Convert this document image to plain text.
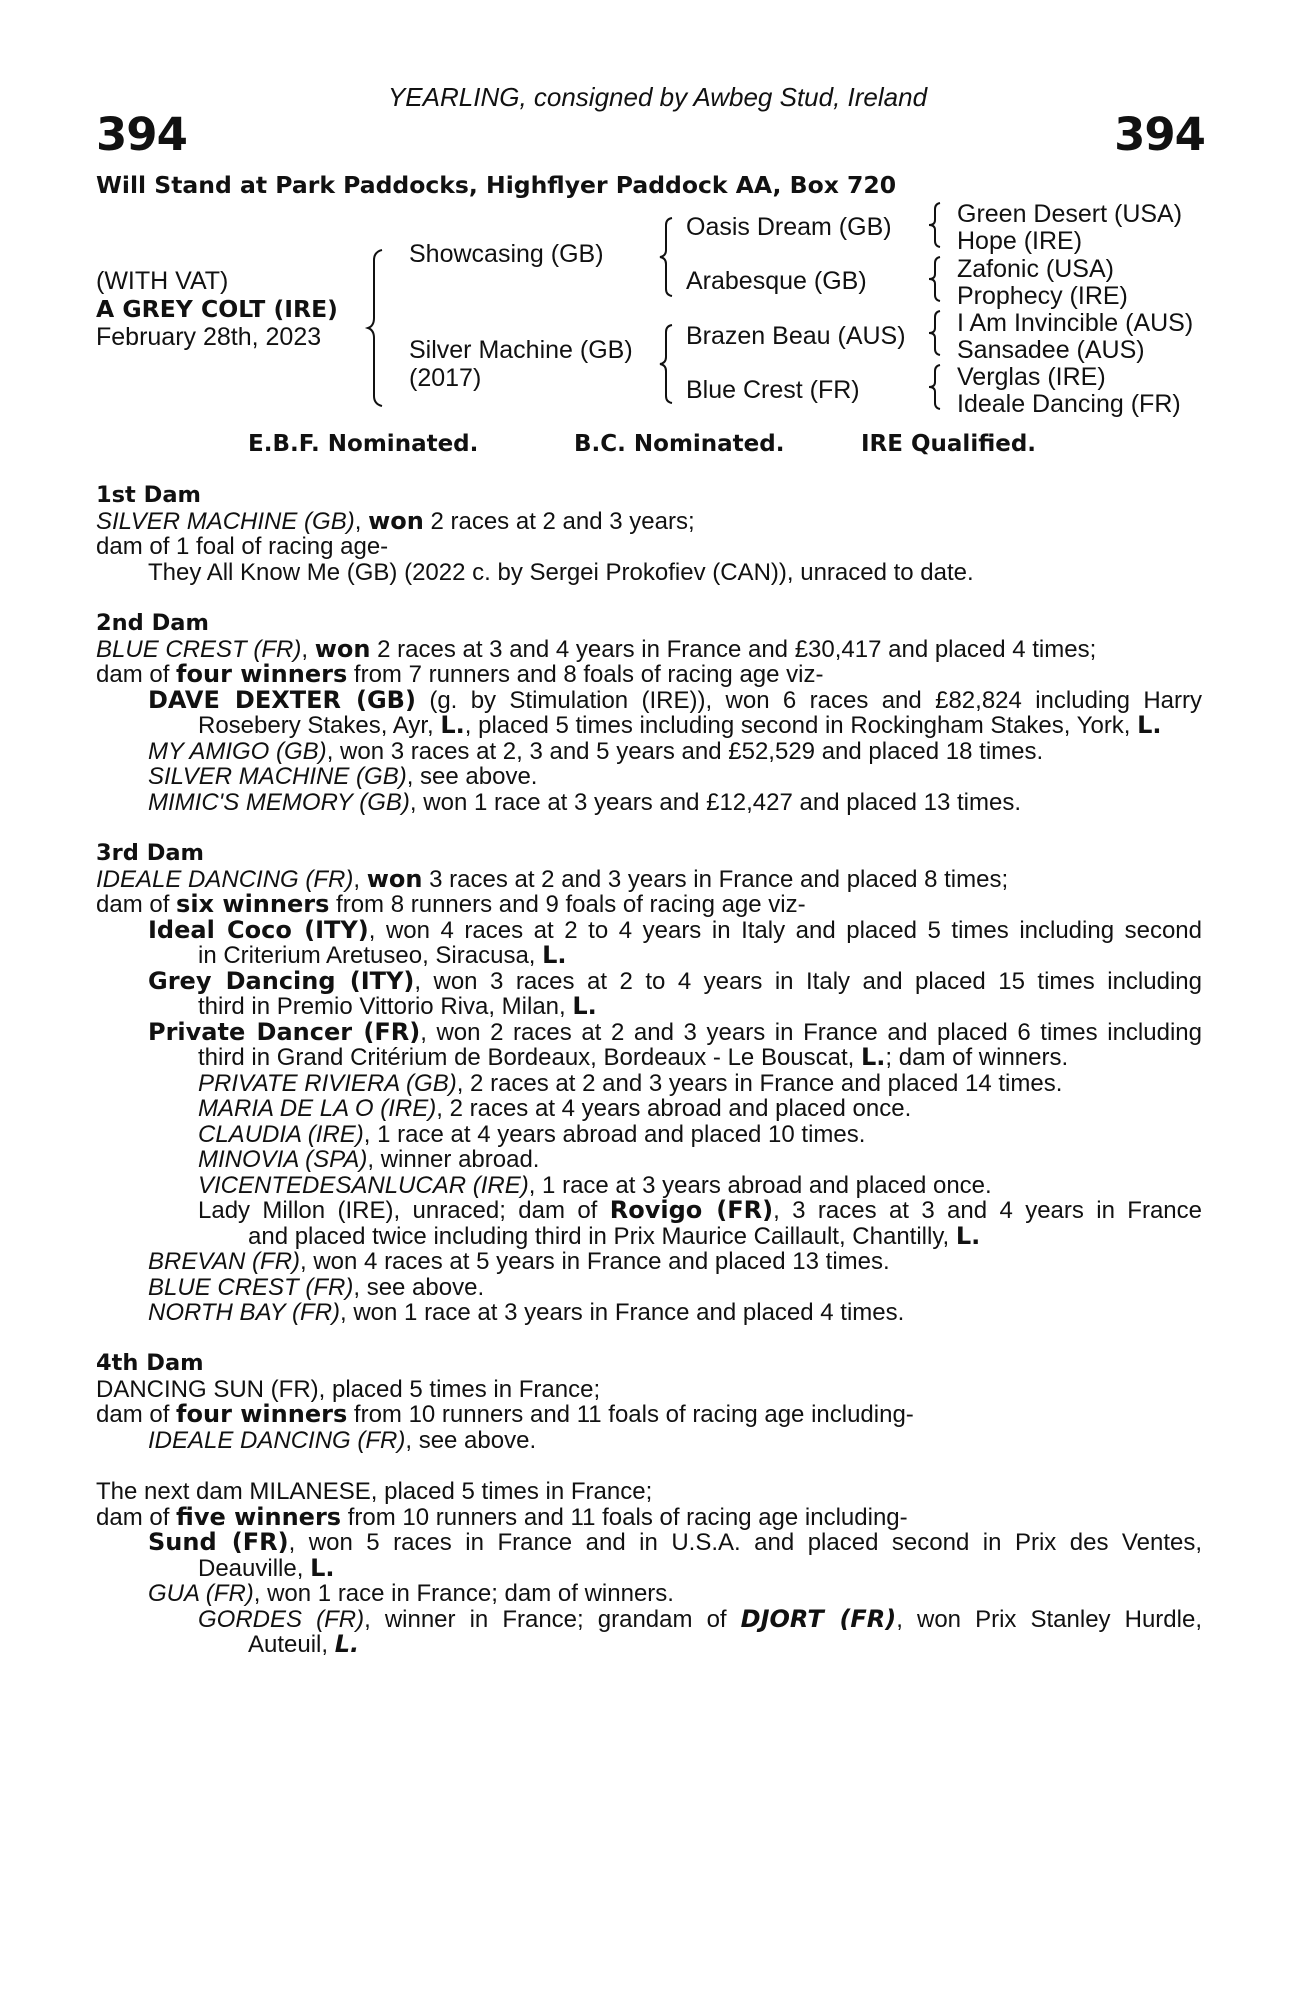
YEARLING, consigned by Awbeg Stud, Ireland
394	394
Will Stand at Park Paddocks, Highflyer Paddock AA, Box 720
(WITH VAT)
A GREY COLT (IRE)
February 28th, 2023
Showcasing (GB)
Silver Machine (GB)
(2017)
Oasis Dream (GB)
Arabesque (GB)
Brazen Beau (AUS)
Blue Crest (FR)
Green Desert (USA)
Hope (IRE)
Zafonic (USA)
Prophecy (IRE)
I Am Invincible (AUS)
Sansadee (AUS)
Verglas (IRE)
Ideale Dancing (FR)
E.B.F. Nominated.	B.C. Nominated.	IRE Qualified.
1st Dam
SILVER MACHINE (GB), won 2 races at 2 and 3 years;
dam of 1 foal of racing age-
They All Know Me (GB) (2022 c. by Sergei Prokofiev (CAN)), unraced to date.
2nd Dam
BLUE CREST (FR), won 2 races at 3 and 4 years in France and £30,417 and placed 4 times;
dam of four winners from 7 runners and 8 foals of racing age viz-
DAVE DEXTER (GB) (g. by Stimulation (IRE)), won 6 races and £82,824 including Harry
Rosebery Stakes, Ayr, L., placed 5 times including second in Rockingham Stakes, York, L.
MY AMIGO (GB), won 3 races at 2, 3 and 5 years and £52,529 and placed 18 times.
SILVER MACHINE (GB), see above.
MIMIC'S MEMORY (GB), won 1 race at 3 years and £12,427 and placed 13 times.
3rd Dam
IDEALE DANCING (FR), won 3 races at 2 and 3 years in France and placed 8 times;
dam of six winners from 8 runners and 9 foals of racing age viz-
Ideal Coco (ITY), won 4 races at 2 to 4 years in Italy and placed 5 times including second
in Criterium Aretuseo, Siracusa, L.
Grey Dancing (ITY), won 3 races at 2 to 4 years in Italy and placed 15 times including
third in Premio Vittorio Riva, Milan, L.
Private Dancer (FR), won 2 races at 2 and 3 years in France and placed 6 times including
third in Grand Critérium de Bordeaux, Bordeaux - Le Bouscat, L.; dam of winners.
PRIVATE RIVIERA (GB), 2 races at 2 and 3 years in France and placed 14 times.
MARIA DE LA O (IRE), 2 races at 4 years abroad and placed once.
CLAUDIA (IRE), 1 race at 4 years abroad and placed 10 times.
MINOVIA (SPA), winner abroad.
VICENTEDESANLUCAR (IRE), 1 race at 3 years abroad and placed once.
Lady Millon (IRE), unraced; dam of Rovigo (FR), 3 races at 3 and 4 years in France
and placed twice including third in Prix Maurice Caillault, Chantilly, L.
BREVAN (FR), won 4 races at 5 years in France and placed 13 times.
BLUE CREST (FR), see above.
NORTH BAY (FR), won 1 race at 3 years in France and placed 4 times.
4th Dam
DANCING SUN (FR), placed 5 times in France;
dam of four winners from 10 runners and 11 foals of racing age including-
IDEALE DANCING (FR), see above.
The next dam MILANESE, placed 5 times in France;
dam of five winners from 10 runners and 11 foals of racing age including-
Sund (FR), won 5 races in France and in U.S.A. and placed second in Prix des Ventes,
Deauville, L.
GUA (FR), won 1 race in France; dam of winners.
GORDES (FR), winner in France; grandam of DJORT (FR), won Prix Stanley Hurdle,
Auteuil, L.
